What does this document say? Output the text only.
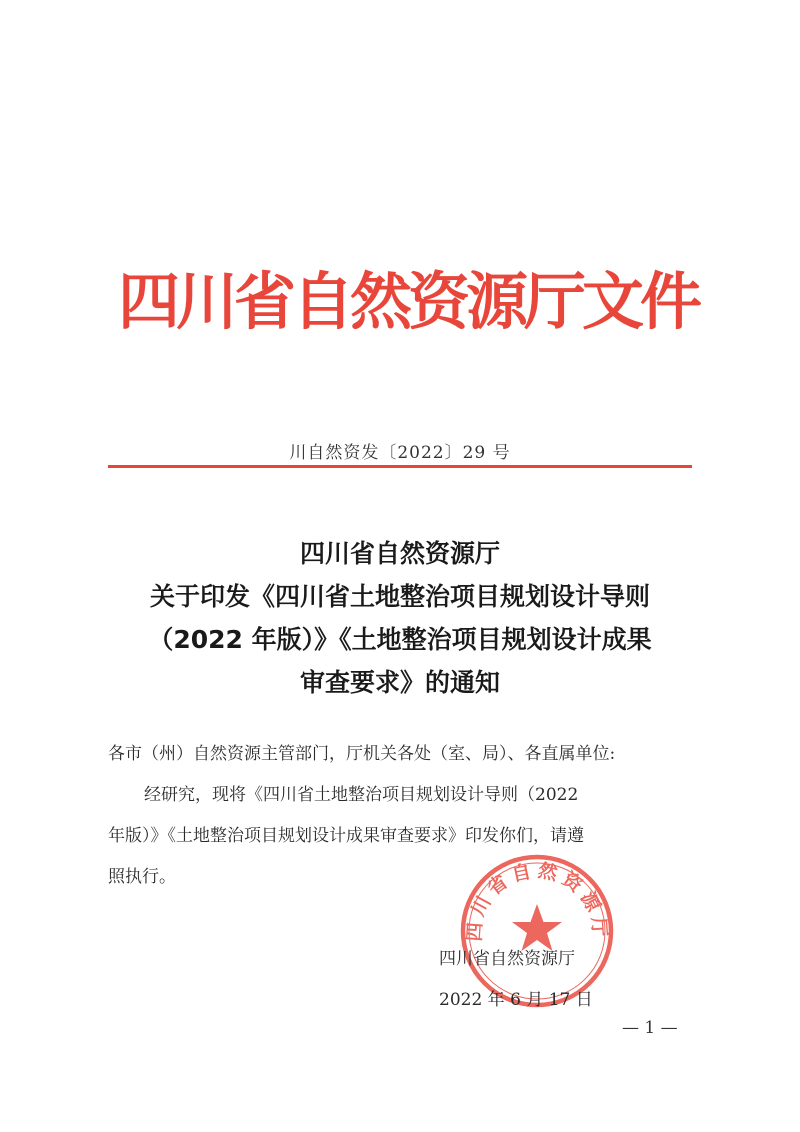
四川省自然资源厅文件
川自然资发〔2022〕29 号
四川省自然资源厅
关于印发《四川省土地整治项目规划设计导则
（2022 年版）》《土地整治项目规划设计成果
审查要求》的通知

各市（州）自然资源主管部门，厅机关各处（室、局）、各直属单位:

经研究，现将《四川省土地整治项目规划设计导则（2022

年版）》《土地整治项目规划设计成果审查要求》印发你们，请遵

照执行。

四川省自然资源厅
四川省自然资源厅
2022 年 6 月 17 日
— 1 —
